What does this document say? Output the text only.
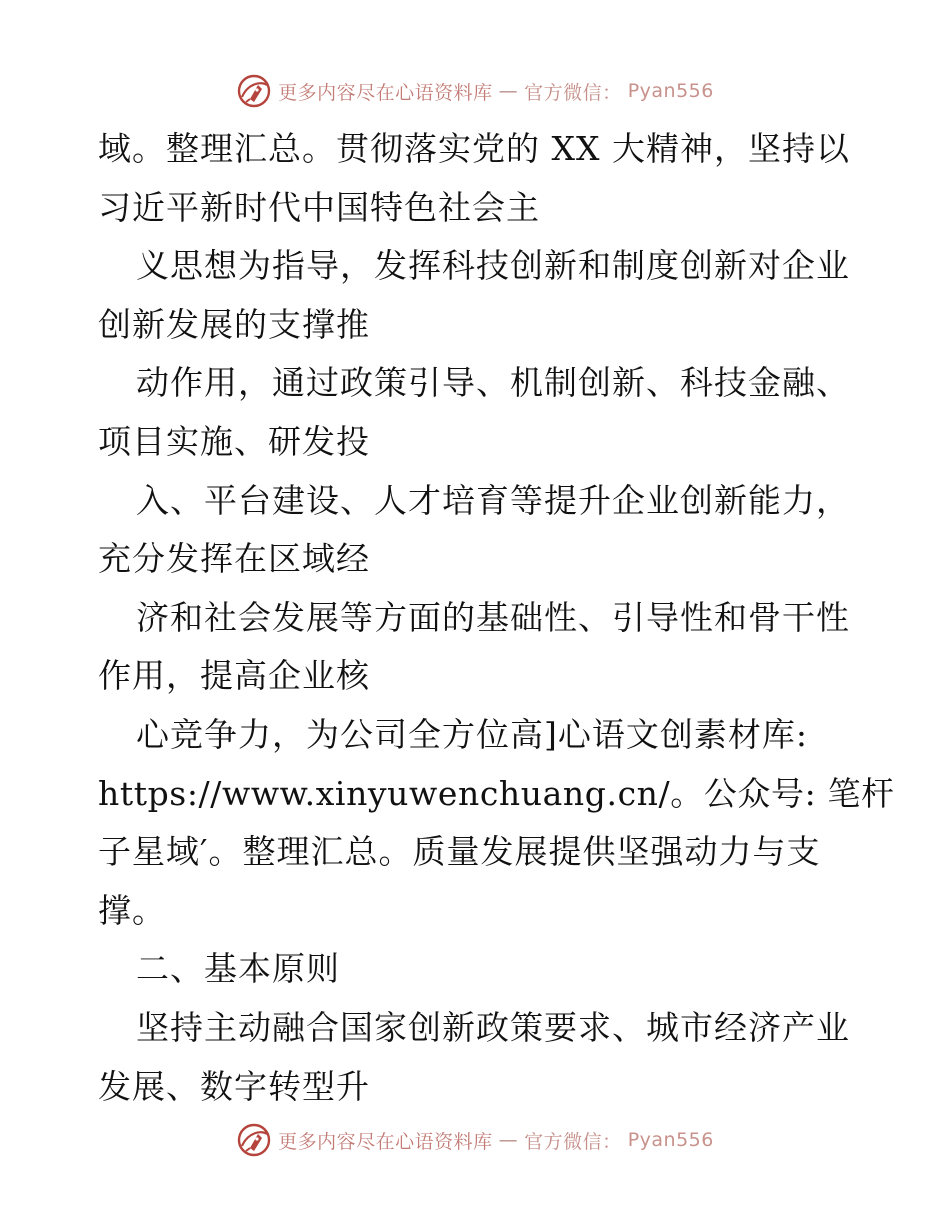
更多内容尽在心语资料库 — 官方微信： Pyan556
域。整理汇总。贯彻落实党的 XX 大精神，坚持以
习近平新时代中国特色社会主
义思想为指导，发挥科技创新和制度创新对企业
创新发展的支撑推
动作用，通过政策引导、机制创新、科技金融、
项目实施、研发投
入、平台建设、人才培育等提升企业创新能力，
充分发挥在区域经
济和社会发展等方面的基础性、引导性和骨干性
作用，提高企业核
心竞争力，为公司全方位高]心语文创素材库:
https://www.xinyuwenchuang.cn/。公众号: 笔杆
子星域′。整理汇总。质量发展提供坚强动力与支
撑。
二、基本原则
坚持主动融合国家创新政策要求、城市经济产业
发展、数字转型升
更多内容尽在心语资料库 — 官方微信： Pyan556
